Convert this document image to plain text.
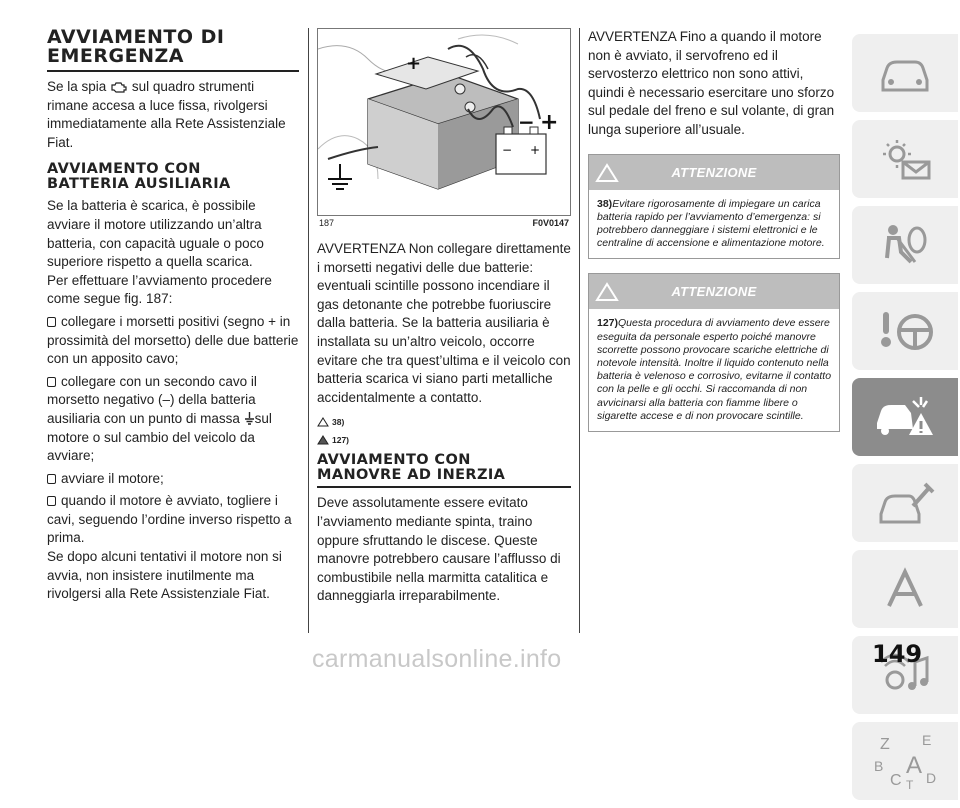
AVVIAMENTO DI
EMERGENZA

Se la spia sul quadro strumenti rimane accesa a luce fissa, rivolgersi immediatamente alla Rete Assistenziale Fiat.

AVVIAMENTO CON
BATTERIA AUSILIARIA

Se la batteria è scarica, è possibile avviare il motore utilizzando un’altra batteria, con capacità uguale o poco superiore rispetto a quella scarica.

Per effettuare l’avviamento procedere come segue fig. 187:

collegare i morsetti positivi (segno + in prossimità del morsetto) delle due batterie con un apposito cavo;

collegare con un secondo cavo il morsetto negativo (–) della batteria ausiliaria con un punto di massa sul motore o sul cambio del veicolo da avviare;

avviare il motore;

quando il motore è avviato, togliere i cavi, seguendo l’ordine inverso rispetto a prima.

Se dopo alcuni tentativi il motore non si avvia, non insistere inutilmente ma rivolgersi alla Rete Assistenziale Fiat.

+
− +
+
−
187	F0V0147

AVVERTENZA Non collegare direttamente i morsetti negativi delle due batterie: eventuali scintille possono incendiare il gas detonante che potrebbe fuoriuscire dalla batteria. Se la batteria ausiliaria è installata su un’altro veicolo, occorre evitare che tra quest’ultima e il veicolo con batteria scarica vi siano parti metalliche accidentalmente a contatto.

38)
127)
AVVIAMENTO CON
MANOVRE AD INERZIA

Deve assolutamente essere evitato l’avviamento mediante spinta, traino oppure sfruttando le discese. Queste manovre potrebbero causare l’afflusso di combustibile nella marmitta catalitica e danneggiarla irreparabilmente.

AVVERTENZA Fino a quando il motore non è avviato, il servofreno ed il servosterzo elettrico non sono attivi, quindi è necessario esercitare uno sforzo sul pedale del freno e sul volante, di gran lunga superiore all’usuale.

ATTENZIONE
38)Evitare rigorosamente di impiegare un carica batteria rapido per l’avviamento d’emergenza: si potrebbero danneggiare i sistemi elettronici e le centraline di accensione e alimentazione motore.
ATTENZIONE
127)Questa procedura di avviamento deve essere eseguita da personale esperto poiché manovre scorrette possono provocare scariche elettriche di notevole intensità. Inoltre il liquido contenuto nella batteria è velenoso e corrosivo, evitarne il contatto con la pelle e gli occhi. Si raccomanda di non avvicinarsi alla batteria con fiamme libere o sigarette accese e di non provocare scintille.
Z E
B A
C T D
carmanualsonline.info	149
